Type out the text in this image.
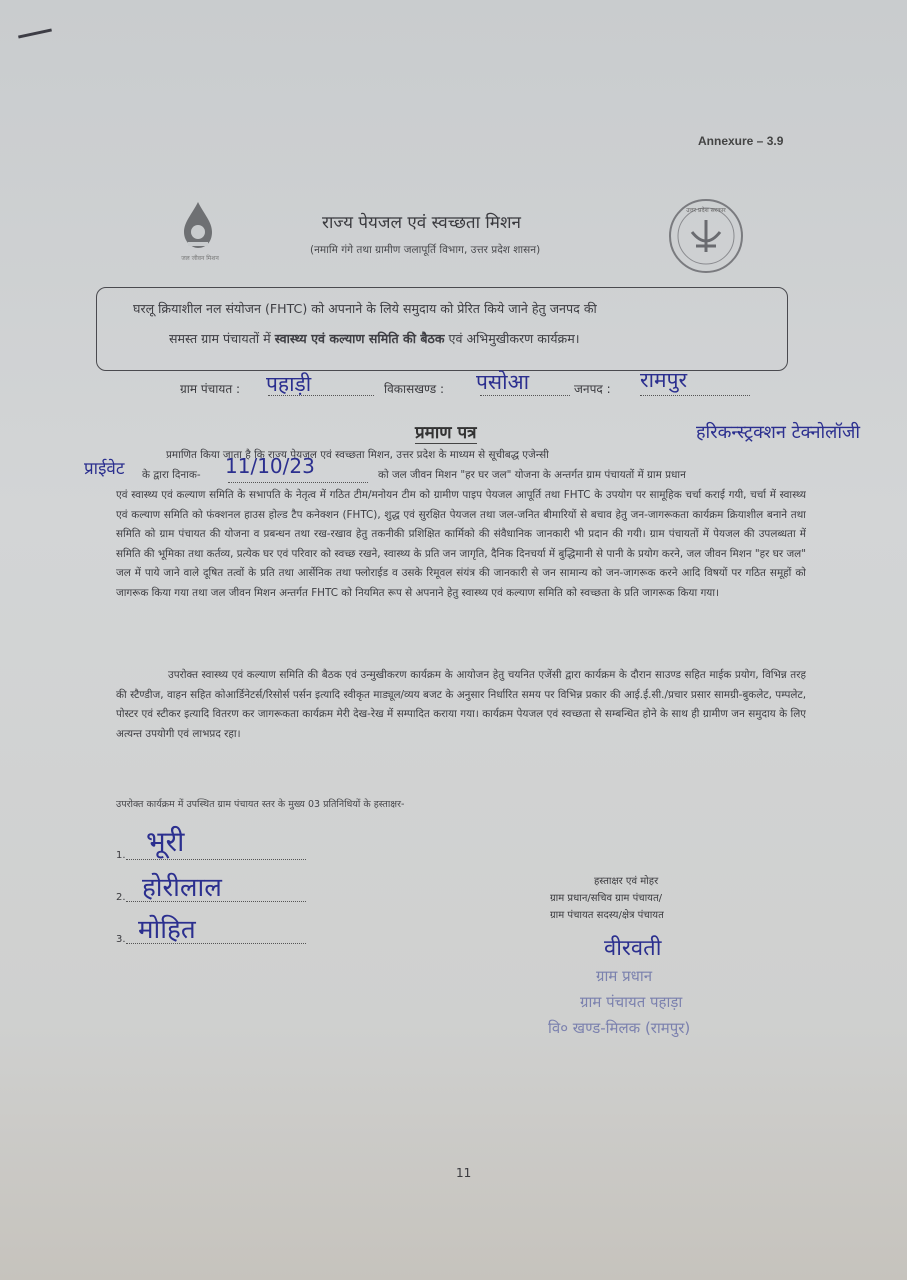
Annexure – 3.9
जल जीवन मिशन
उत्तर प्रदेश सरकार
राज्य पेयजल एवं स्वच्छता मिशन
(नमामि गंगे तथा ग्रामीण जलापूर्ति विभाग, उत्तर प्रदेश शासन)
घरलू क्रियाशील नल संयोजन (FHTC) को अपनाने के लिये समुदाय को प्रेरित किये जाने हेतु जनपद की
समस्त ग्राम पंचायतों में स्वास्थ्य एवं कल्याण समिति की बैठक एवं अभिमुखीकरण कार्यक्रम।
ग्राम पंचायत : पहाड़ी	विकासखण्ड : पसोआ	जनपद : रामपुर
प्रमाण पत्र	हरिकन्स्ट्रक्शन टेक्नोलॉजी
प्रमाणित किया जाता है कि राज्य पेयजल एवं स्वच्छता मिशन, उत्तर प्रदेश के माध्यम से सूचीबद्ध एजेन्सी
प्राईवेट के द्वारा दिनाक- 11/10/23	को जल जीवन मिशन "हर घर जल" योजना के अन्तर्गत ग्राम पंचायतों में ग्राम प्रधान
एवं स्वास्थ्य एवं कल्याण समिति के सभापति के नेतृत्व में गठित टीम/मनोयन टीम को ग्रामीण पाइप पेयजल आपूर्ति तथा FHTC के उपयोग पर सामूहिक चर्चा कराई गयी, चर्चा में स्वास्थ्य एवं कल्याण समिति को फंक्शनल हाउस होल्ड टैप कनेक्शन (FHTC), शुद्ध एवं सुरक्षित पेयजल तथा जल-जनित बीमारियों से बचाव हेतु जन-जागरूकता कार्यक्रम क्रियाशील बनाने तथा समिति को ग्राम पंचायत की योजना व प्रबन्धन तथा रख-रखाव हेतु तकनीकी प्रशिक्षित कार्मिको की संवैधानिक जानकारी भी प्रदान की गयी। ग्राम पंचायतों में पेयजल की उपलब्धता में समिति की भूमिका तथा कर्तव्य, प्रत्येक घर एवं परिवार को स्वच्छ रखने, स्वास्थ्य के प्रति जन जागृति, दैनिक दिनचर्या में बुद्धिमानी से पानी के प्रयोग करने, जल जीवन मिशन "हर घर जल" जल में पाये जाने वाले दूषित तत्वों के प्रति तथा आर्सेनिक तथा फ्लोराईड व उसके रिमूवल संयंत्र की जानकारी से जन सामान्य को जन-जागरूक करने आदि विषयों पर गठित समूहों को जागरूक किया गया तथा जल जीवन मिशन अन्तर्गत FHTC को नियमित रूप से अपनाने हेतु स्वास्थ्य एवं कल्याण समिति को स्वच्छता के प्रति जागरूक किया गया।
उपरोक्त स्वास्थ्य एवं कल्याण समिति की बैठक एवं उन्मुखीकरण कार्यक्रम के आयोजन हेतु चयनित एजेंसी द्वारा कार्यक्रम के दौरान साउण्ड सहित माईक प्रयोग, विभिन्न तरह की स्टैण्डीज, वाहन सहित कोआर्डिनेटर्स/रिसोर्स पर्सन इत्यादि स्वीकृत माड्यूल/व्यय बजट के अनुसार निर्धारित समय पर विभिन्न प्रकार की आई.ई.सी./प्रचार प्रसार सामग्री-बुकलेट, पम्पलेट, पोस्टर एवं स्टीकर इत्यादि वितरण कर जागरूकता कार्यक्रम मेरी देख-रेख में सम्पादित कराया गया। कार्यक्रम पेयजल एवं स्वच्छता से सम्बन्धित होने के साथ ही ग्रामीण जन समुदाय के लिए अत्यन्त उपयोगी एवं लाभप्रद रहा।
उपरोक्त कार्यक्रम में उपस्थित ग्राम पंचायत स्तर के मुख्य 03 प्रतिनिधियों के हस्ताक्षर-
1. भूरी
2. होरीलाल
3. मोहित
हस्ताक्षर एवं मोहर
ग्राम प्रधान/सचिव ग्राम पंचायत/
ग्राम पंचायत सदस्य/क्षेत्र पंचायत
वीरवती
ग्राम प्रधान
ग्राम पंचायत पहाड़ा
वि० खण्ड-मिलक (रामपुर)
11
